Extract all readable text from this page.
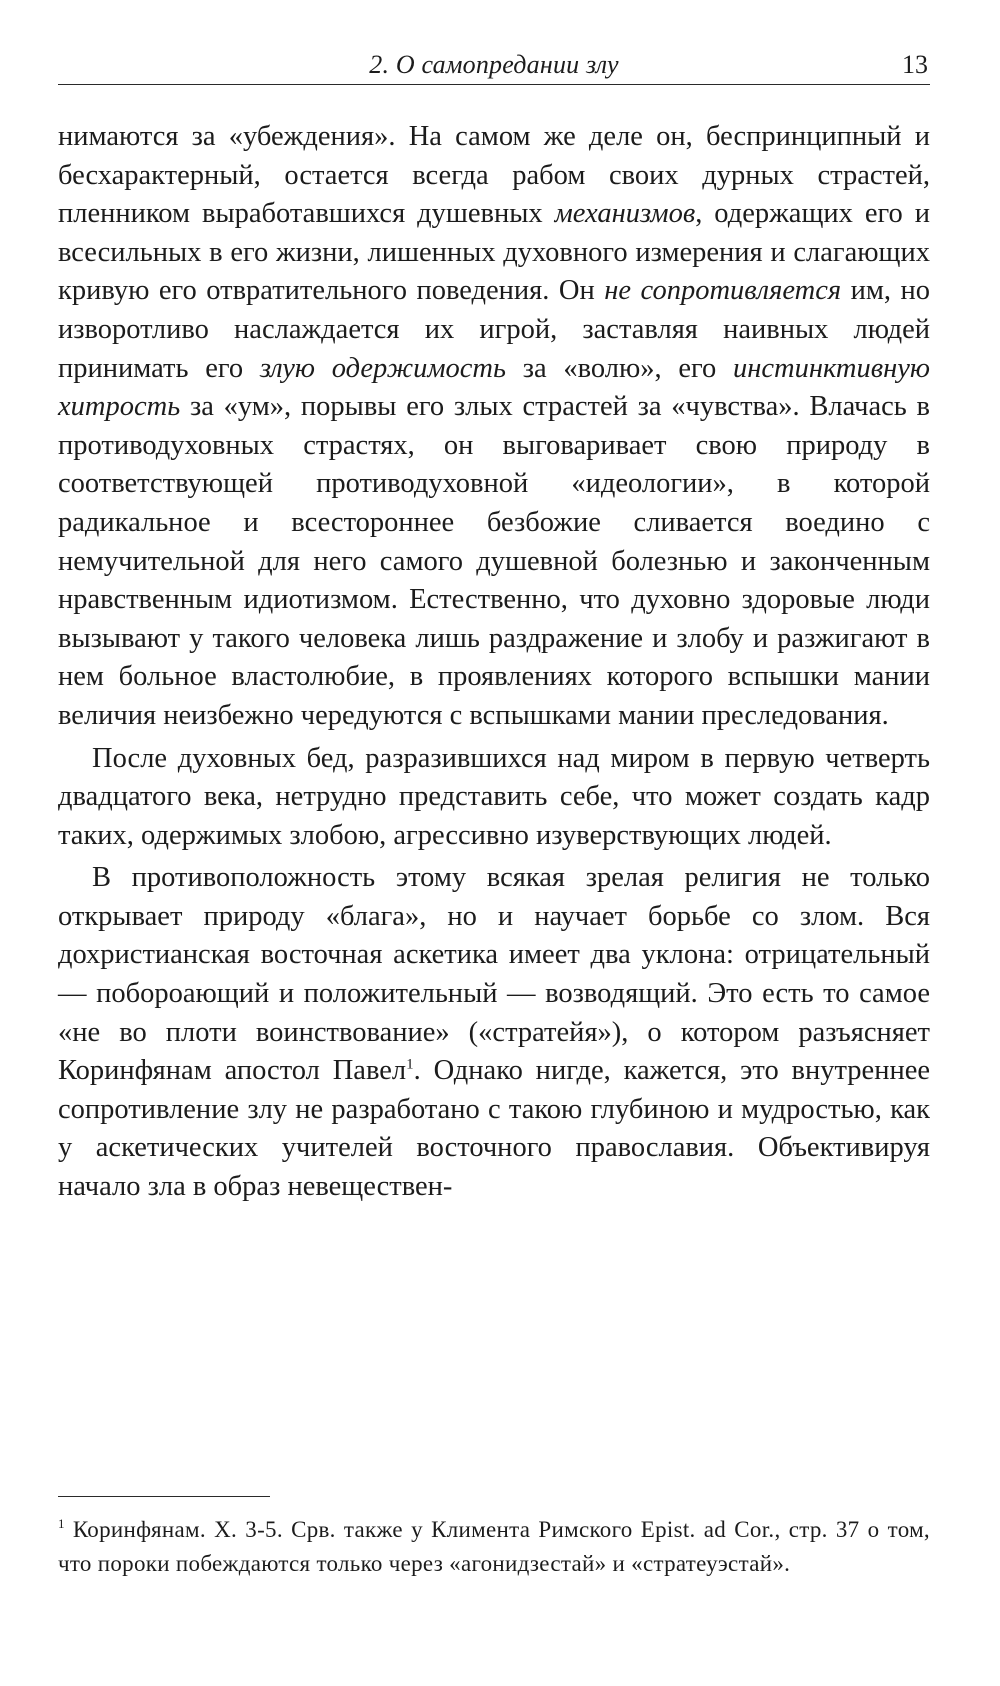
2. О самопредании злу	13

нимаются за «убеждения». На самом же деле он, беспринципный и бесхарактерный, остается всегда рабом своих дурных страстей, пленником выработавшихся душевных механизмов, одержащих его и всесильных в его жизни, лишенных духовного измерения и слагающих кривую его отвратительного поведения. Он не сопротивляется им, но изворотливо наслаждается их игрой, заставляя наивных людей принимать его злую одержимость за «волю», его инстинктивную хитрость за «ум», порывы его злых страстей за «чувства». Влачась в противодуховных страстях, он выговаривает свою природу в соответствующей противодуховной «идеологии», в которой радикальное и всестороннее безбожие сливается воедино с немучительной для него самого душевной болезнью и законченным нравственным идиотизмом. Естественно, что духовно здоровые люди вызывают у такого человека лишь раздражение и злобу и разжигают в нем больное властолюбие, в проявлениях которого вспышки мании величия неизбежно чередуются с вспышками мании преследования.

После духовных бед, разразившихся над миром в первую четверть двадцатого века, нетрудно представить себе, что может создать кадр таких, одержимых злобою, агрессивно изуверствующих людей.

В противоположность этому всякая зрелая религия не только открывает природу «блага», но и научает борьбе со злом. Вся дохристианская восточная аскетика имеет два уклона: отрицательный — побороающий и положительный — возводящий. Это есть то самое «не во плоти воинствование» («стратейя»), о котором разъясняет Коринфянам апостол Павел$^1$. Однако нигде, кажется, это внутреннее сопротивление злу не разработано с такою глубиною и мудростью, как у аскетических учителей восточного православия. Объективируя начало зла в образ невеществен-

$^1$ Коринфянам. X. 3-5. Срв. также у Климента Римского Epist. ad Cor., стр. 37 о том, что пороки побеждаются только через «агонидзестай» и «стратеуэстай».
